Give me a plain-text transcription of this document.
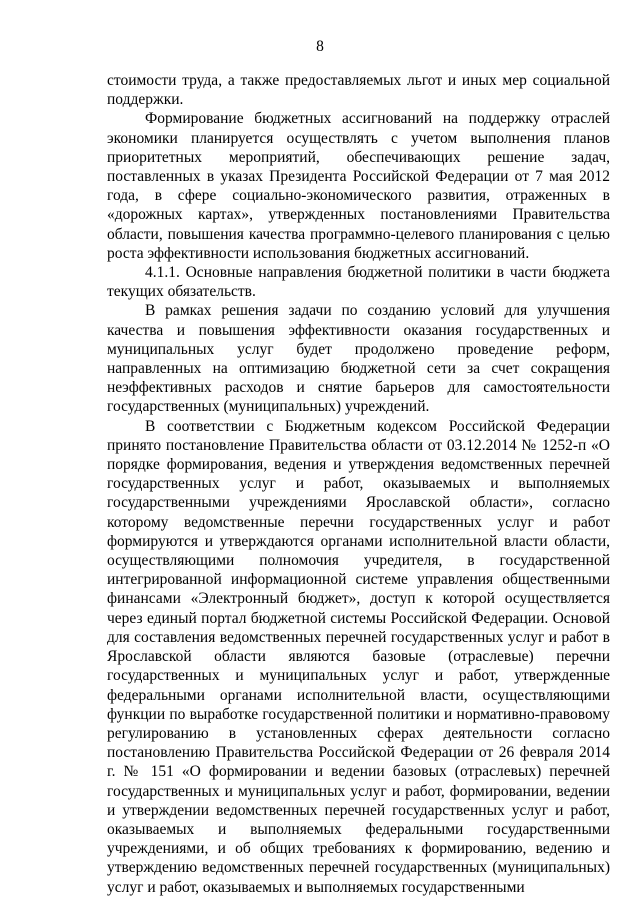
8

стоимости труда, а также предоставляемых льгот и иных мер социальной поддержки.

Формирование бюджетных ассигнований на поддержку отраслей экономики планируется осуществлять с учетом выполнения планов приоритетных мероприятий, обеспечивающих решение задач, поставленных в указах Президента Российской Федерации от 7 мая 2012 года, в сфере социально-экономического развития, отраженных в «дорожных картах», утвержденных постановлениями Правительства области, повышения качества программно-целевого планирования с целью роста эффективности использования бюджетных ассигнований.

4.1.1. Основные направления бюджетной политики в части бюджета текущих обязательств.

В рамках решения задачи по созданию условий для улучшения качества и повышения эффективности оказания государственных и муниципальных услуг будет продолжено проведение реформ, направленных на оптимизацию бюджетной сети за счет сокращения неэффективных расходов и снятие барьеров для самостоятельности государственных (муниципальных) учреждений.

В соответствии с Бюджетным кодексом Российской Федерации принято постановление Правительства области от 03.12.2014 № 1252-п «О порядке формирования, ведения и утверждения ведомственных перечней государственных услуг и работ, оказываемых и выполняемых государственными учреждениями Ярославской области», согласно которому ведомственные перечни государственных услуг и работ формируются и утверждаются органами исполнительной власти области, осуществляющими полномочия учредителя, в государственной интегрированной информационной системе управления общественными финансами «Электронный бюджет», доступ к которой осуществляется через единый портал бюджетной системы Российской Федерации. Основой для составления ведомственных перечней государственных услуг и работ в Ярославской области являются базовые (отраслевые) перечни государственных и муниципальных услуг и работ, утвержденные федеральными органами исполнительной власти, осуществляющими функции по выработке государственной политики и нормативно-правовому регулированию в установленных сферах деятельности согласно постановлению Правительства Российской Федерации от 26 февраля 2014 г. № 151 «О формировании и ведении базовых (отраслевых) перечней государственных и муниципальных услуг и работ, формировании, ведении и утверждении ведомственных перечней государственных услуг и работ, оказываемых и выполняемых федеральными государственными учреждениями, и об общих требованиях к формированию, ведению и утверждению ведомственных перечней государственных (муниципальных) услуг и работ, оказываемых и выполняемых государственными
